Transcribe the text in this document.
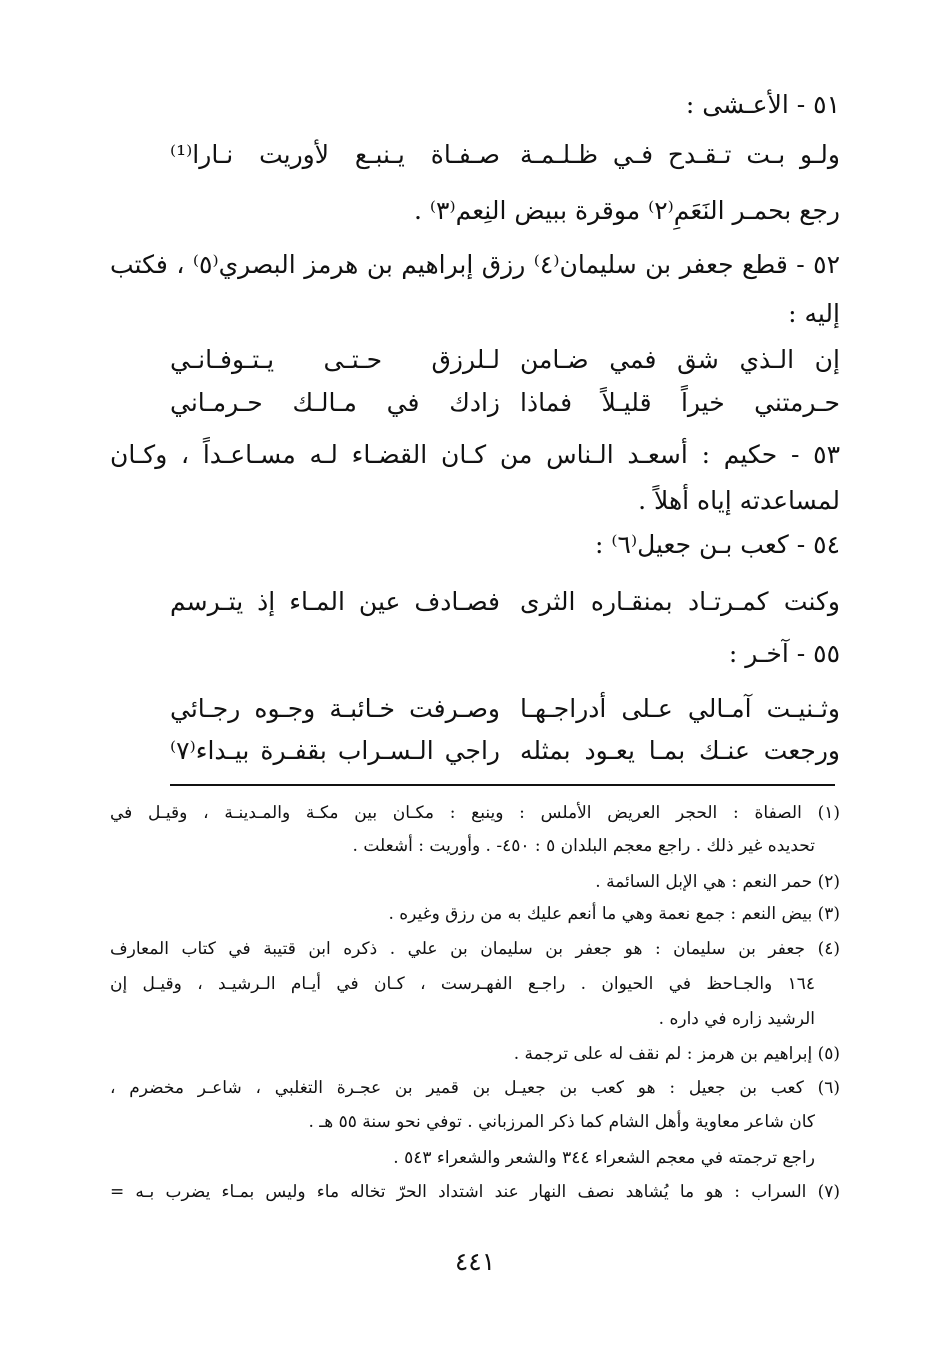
٥١ - الأعـشى :
ولـو بـت تـقـدح فـي ظـلـمـة
صـفـاة يـنبـع لأوريت نـارا⁽¹⁾
رجع بحمـر النَعَمِ⁽٢⁾ موقرة ببيض النِعم⁽٣⁾ .
٥٢ - قطع جعفر بن سليمان⁽٤⁾ رزق إبراهيم بن هرمز البصري⁽٥⁾ ، فكتب
إليه :
إن الـذي شق فمي ضـامن
لـلرزق حـتـى يـتـوفـانـي
حـرمتني خيراً قليـلاً فماذا
زادك في مـالـك حـرمـاني
٥٣ - حكيم : أسعـد الـناس من كـان القضـاء لـه مسـاعـداً ، وكـان
لمساعدته إياه أهلاً .
٥٤ - كعب بـن جعيل⁽٦⁾ :
وكنت كمـرتـاد بمنقـاره الثرى
فصـادف عين المـاء إذ يتـرسم
٥٥ - آخـر :
وثـنيـت آمـالي عـلى أدراجـهـا
وصـرفت خـائبـة وجـوه رجـائي
ورجعت عنـك بمـا يعـود بمثله
راجي الـسـراب بقفـرة بيـداء⁽٧⁾
(١) الصفاة : الحجر العريض الأملس : وينبع : مكـان بين مكـة والمـدينـة ، وقيـل في
تحديده غير ذلك . راجع معجم البلدان ٥ : ٤٥٠- . وأوريت : أشعلت .
(٢) حمر النعم : هي الإبل السائمة .
(٣) بيض النعم : جمع نعمة وهي ما أنعم عليك به من رزق وغيره .
(٤) جعفر بن سليمان : هو جعفر بن سليمان بن علي . ذكره ابن قتيبة في كتاب المعارف
١٦٤ والجـاحظ في الحيوان . راجـع الفهـرست ، كـان في أيـام الـرشيـد ، وقيـل إن
الرشيد زاره في داره .
(٥) إبراهيم بن هرمز : لم نقف له على ترجمة .
(٦) كعب بن جعيل : هو كعب بن جعيـل بن قمير بن عجـرة التغلبي ، شاعـر مخضرم ،
كان شاعر معاوية وأهل الشام كما ذكر المرزباني . توفي نحو سنة ٥٥ هـ .
راجع ترجمته في معجم الشعراء ٣٤٤ والشعر والشعراء ٥٤٣ .
(٧) السراب : هو ما يُشاهد نصف النهار عند اشتداد الحرّ تخاله ماء وليس بمـاء يضرب بـه =
٤٤١
